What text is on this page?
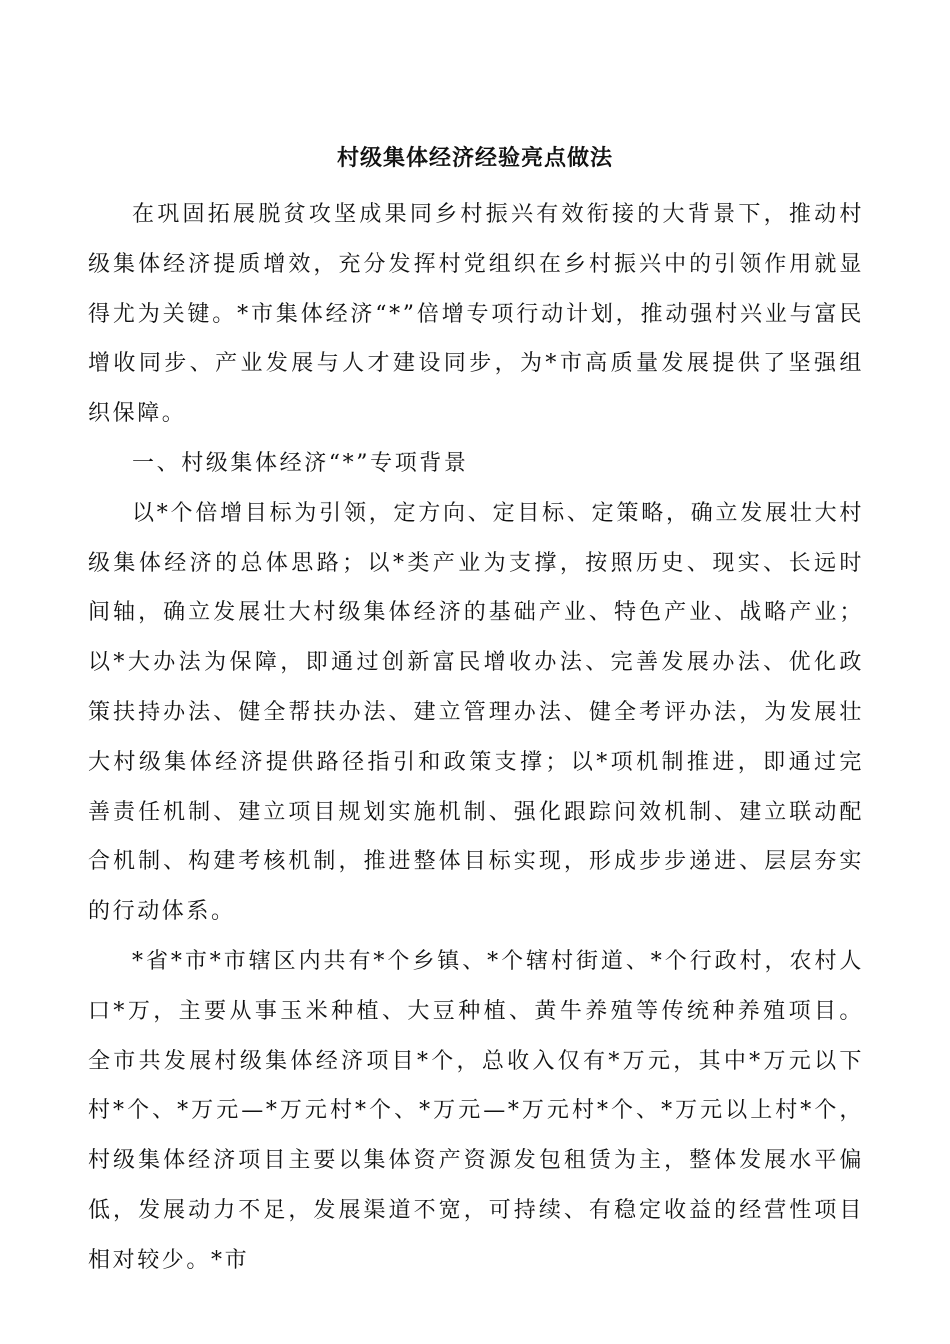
村级集体经济经验亮点做法

在巩固拓展脱贫攻坚成果同乡村振兴有效衔接的大背景下，推动村级集体经济提质增效，充分发挥村党组织在乡村振兴中的引领作用就显得尤为关键。*市集体经济“*”倍增专项行动计划，推动强村兴业与富民增收同步、产业发展与人才建设同步，为*市高质量发展提供了坚强组织保障。

一、村级集体经济“*”专项背景

以*个倍增目标为引领，定方向、定目标、定策略，确立发展壮大村级集体经济的总体思路；以*类产业为支撑，按照历史、现实、长远时间轴，确立发展壮大村级集体经济的基础产业、特色产业、战略产业；以*大办法为保障，即通过创新富民增收办法、完善发展办法、优化政策扶持办法、健全帮扶办法、建立管理办法、健全考评办法，为发展壮大村级集体经济提供路径指引和政策支撑；以*项机制推进，即通过完善责任机制、建立项目规划实施机制、强化跟踪问效机制、建立联动配合机制、构建考核机制，推进整体目标实现，形成步步递进、层层夯实的行动体系。

*省*市*市辖区内共有*个乡镇、*个辖村街道、*个行政村，农村人口*万，主要从事玉米种植、大豆种植、黄牛养殖等传统种养殖项目。全市共发展村级集体经济项目*个，总收入仅有*万元，其中*万元以下村*个、*万元—*万元村*个、*万元—*万元村*个、*万元以上村*个，村级集体经济项目主要以集体资产资源发包租赁为主，整体发展水平偏低，发展动力不足，发展渠道不宽，可持续、有稳定收益的经营性项目相对较少。*市
